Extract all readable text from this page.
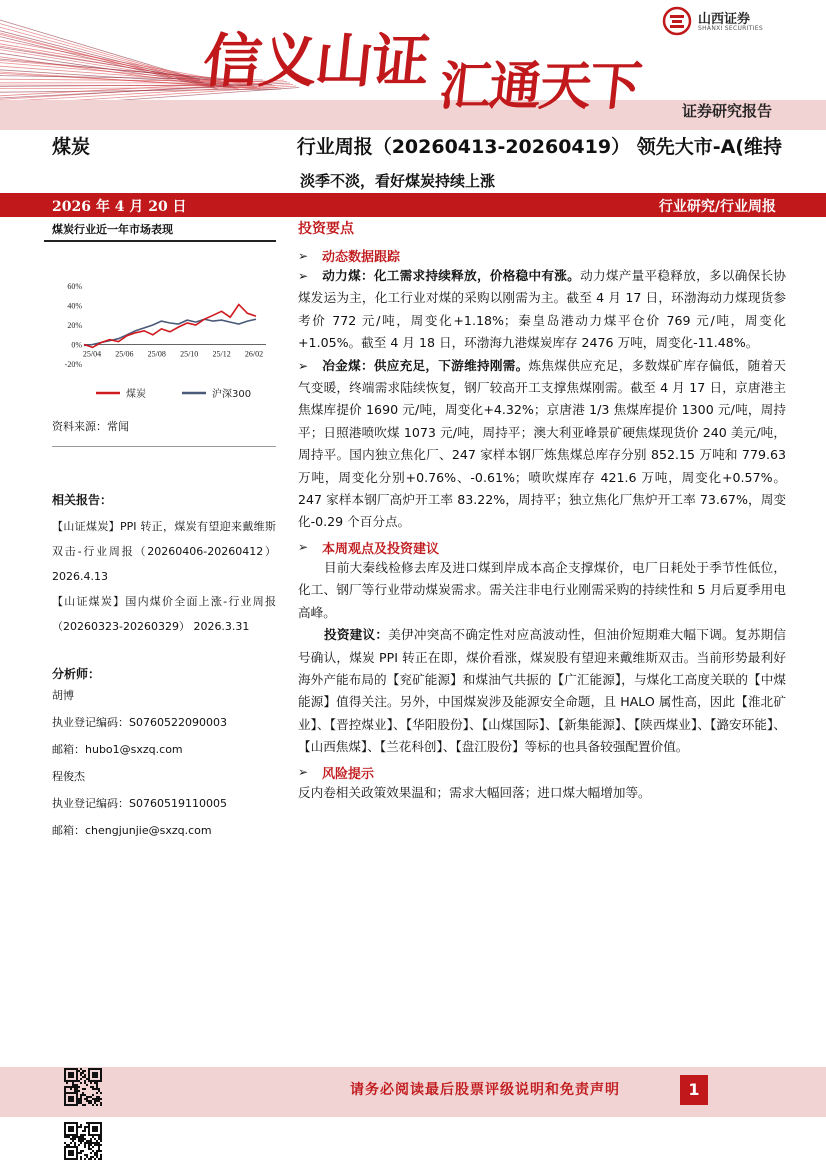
信义山证 汇通天下
山西证券
SHANXI SECURITIES
证券研究报告
煤炭	行业周报（20260413-20260419） 领先大市-A(维持
淡季不淡，看好煤炭持续上涨
2026 年 4 月 20 日	行业研究/行业周报
煤炭行业近一年市场表现
60%
40%
20%
0%
-20%
25/04 25/06 25/08 25/10 25/12 26/02
煤炭	沪深300
资料来源：常闻
相关报告：
【山证煤炭】PPI 转正，煤炭有望迎来戴维斯双击-行业周报（20260406-20260412） 2026.4.13
【山证煤炭】国内煤价全面上涨-行业周报（20260323-20260329） 2026.3.31
分析师：
胡博
执业登记编码：S0760522090003
邮箱：hubo1@sxzq.com
程俊杰
执业登记编码：S0760519110005
邮箱：chengjunjie@sxzq.com
投资要点
➢	动态数据跟踪
➢ 动力煤：化工需求持续释放，价格稳中有涨。动力煤产量平稳释放，多以确保长协煤发运为主，化工行业对煤的采购以刚需为主。截至 4 月 17 日，环渤海动力煤现货参考价 772 元/吨，周变化+1.18%；秦皇岛港动力煤平仓价 769 元/吨，周变化+1.05%。截至 4 月 18 日，环渤海九港煤炭库存 2476 万吨，周变化-11.48%。
➢ 冶金煤：供应充足，下游维持刚需。炼焦煤供应充足，多数煤矿库存偏低，随着天气变暖，终端需求陆续恢复，钢厂较高开工支撑焦煤刚需。截至 4 月 17 日，京唐港主焦煤库提价 1690 元/吨，周变化+4.32%；京唐港 1/3 焦煤库提价 1300 元/吨，周持平；日照港喷吹煤 1073 元/吨，周持平；澳大利亚峰景矿硬焦煤现货价 240 美元/吨，周持平。国内独立焦化厂、247 家样本钢厂炼焦煤总库存分别 852.15 万吨和 779.63 万吨，周变化分别+0.76%、-0.61%；喷吹煤库存 421.6 万吨，周变化+0.57%。247 家样本钢厂高炉开工率 83.22%，周持平；独立焦化厂焦炉开工率 73.67%，周变化-0.29 个百分点。
➢	本周观点及投资建议
目前大秦线检修去库及进口煤到岸成本高企支撑煤价，电厂日耗处于季节性低位，化工、钢厂等行业带动煤炭需求。需关注非电行业刚需采购的持续性和 5 月后夏季用电高峰。
投资建议：美伊冲突高不确定性对应高波动性，但油价短期难大幅下调。复苏期信号确认，煤炭 PPI 转正在即，煤价看涨，煤炭股有望迎来戴维斯双击。当前形势最利好海外产能布局的【兖矿能源】和煤油气共振的【广汇能源】，与煤化工高度关联的【中煤能源】值得关注。另外，中国煤炭涉及能源安全命题，且 HALO 属性高，因此【淮北矿业】、【晋控煤业】、【华阳股份】、【山煤国际】、【新集能源】、【陕西煤业】、【潞安环能】、【山西焦煤】、【兰花科创】、【盘江股份】等标的也具备较强配置价值。
➢	风险提示
反内卷相关政策效果温和；需求大幅回落；进口煤大幅增加等。
请务必阅读最后股票评级说明和免责声明	1
